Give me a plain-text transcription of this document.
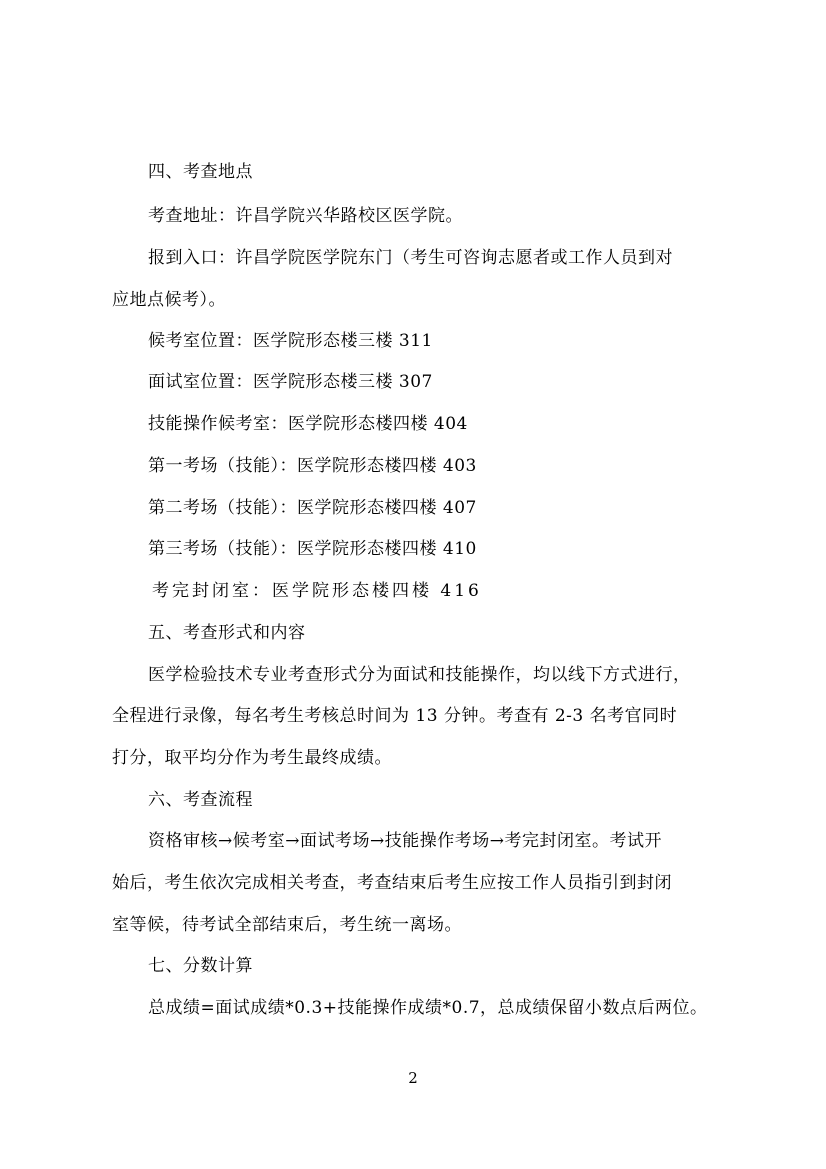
四、考查地点
考查地址：许昌学院兴华路校区医学院。
报到入口：许昌学院医学院东门（考生可咨询志愿者或工作人员到对
应地点候考）。
候考室位置：医学院形态楼三楼 311
面试室位置：医学院形态楼三楼 307
技能操作候考室：医学院形态楼四楼 404
第一考场（技能）：医学院形态楼四楼 403
第二考场（技能）：医学院形态楼四楼 407
第三考场（技能）：医学院形态楼四楼 410
考完封闭室：医学院形态楼四楼 416
五、考查形式和内容
医学检验技术专业考查形式分为面试和技能操作，均以线下方式进行，
全程进行录像，每名考生考核总时间为 13 分钟。考查有 2-3 名考官同时
打分，取平均分作为考生最终成绩。
六、考查流程
资格审核→候考室→面试考场→技能操作考场→考完封闭室。考试开
始后，考生依次完成相关考查，考查结束后考生应按工作人员指引到封闭
室等候，待考试全部结束后，考生统一离场。
七、分数计算
总成绩=面试成绩*0.3+技能操作成绩*0.7，总成绩保留小数点后两位。
2
